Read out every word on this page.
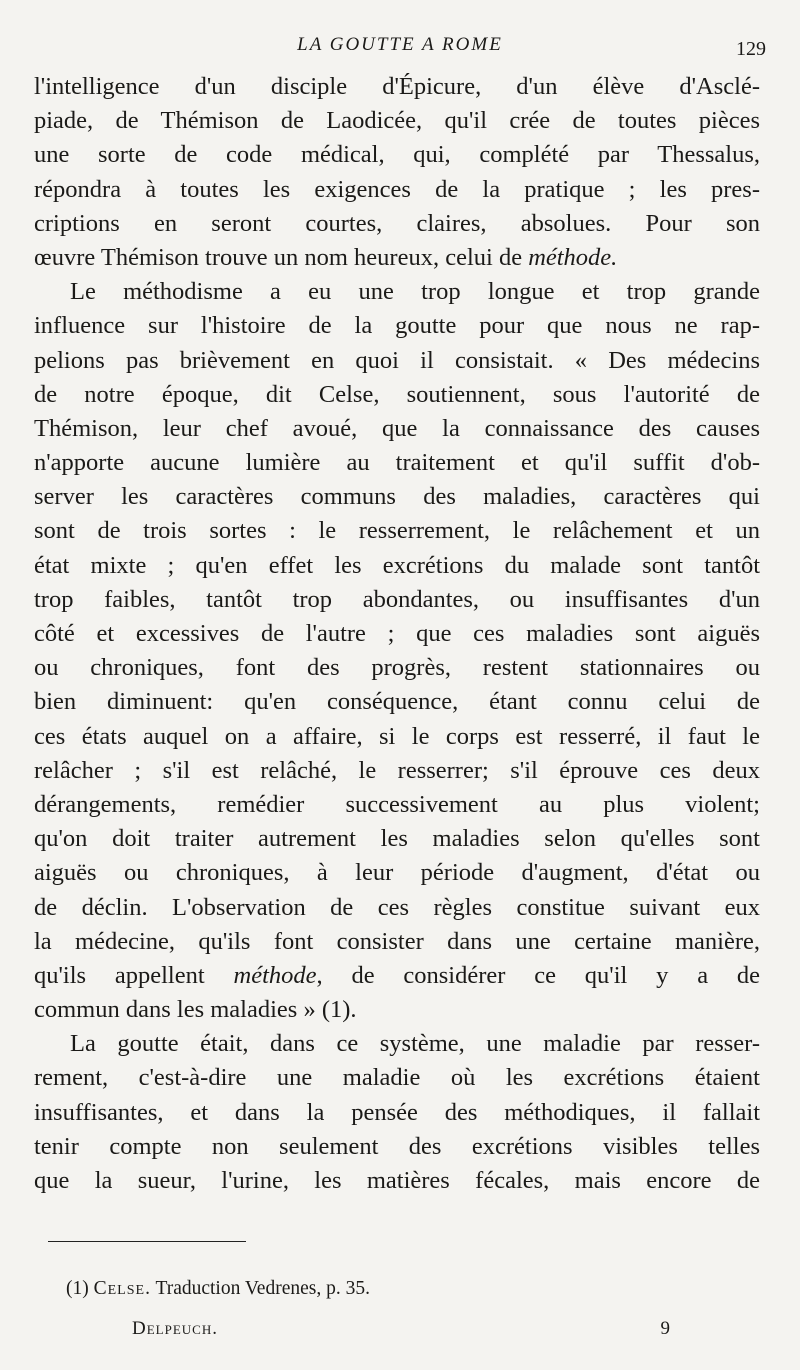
LA GOUTTE A ROME	129
l'intelligence d'un disciple d'Épicure, d'un élève d'Asclé-
piade, de Thémison de Laodicée, qu'il crée de toutes pièces
une sorte de code médical, qui, complété par Thessalus,
répondra à toutes les exigences de la pratique ; les pres-
criptions en seront courtes, claires, absolues. Pour son
œuvre Thémison trouve un nom heureux, celui de méthode.
Le méthodisme a eu une trop longue et trop grande
influence sur l'histoire de la goutte pour que nous ne rap-
pelions pas brièvement en quoi il consistait. « Des médecins
de notre époque, dit Celse, soutiennent, sous l'autorité de
Thémison, leur chef avoué, que la connaissance des causes
n'apporte aucune lumière au traitement et qu'il suffit d'ob-
server les caractères communs des maladies, caractères qui
sont de trois sortes : le resserrement, le relâchement et un
état mixte ; qu'en effet les excrétions du malade sont tantôt
trop faibles, tantôt trop abondantes, ou insuffisantes d'un
côté et excessives de l'autre ; que ces maladies sont aiguës
ou chroniques, font des progrès, restent stationnaires ou
bien diminuent: qu'en conséquence, étant connu celui de
ces états auquel on a affaire, si le corps est resserré, il faut le
relâcher ; s'il est relâché, le resserrer; s'il éprouve ces deux
dérangements, remédier successivement au plus violent;
qu'on doit traiter autrement les maladies selon qu'elles sont
aiguës ou chroniques, à leur période d'augment, d'état ou
de déclin. L'observation de ces règles constitue suivant eux
la médecine, qu'ils font consister dans une certaine manière,
qu'ils appellent méthode, de considérer ce qu'il y a de
commun dans les maladies » (1).
La goutte était, dans ce système, une maladie par resser-
rement, c'est-à-dire une maladie où les excrétions étaient
insuffisantes, et dans la pensée des méthodiques, il fallait
tenir compte non seulement des excrétions visibles telles
que la sueur, l'urine, les matières fécales, mais encore de
(1) Celse. Traduction Vedrenes, p. 35.
Delpeuch.	9
